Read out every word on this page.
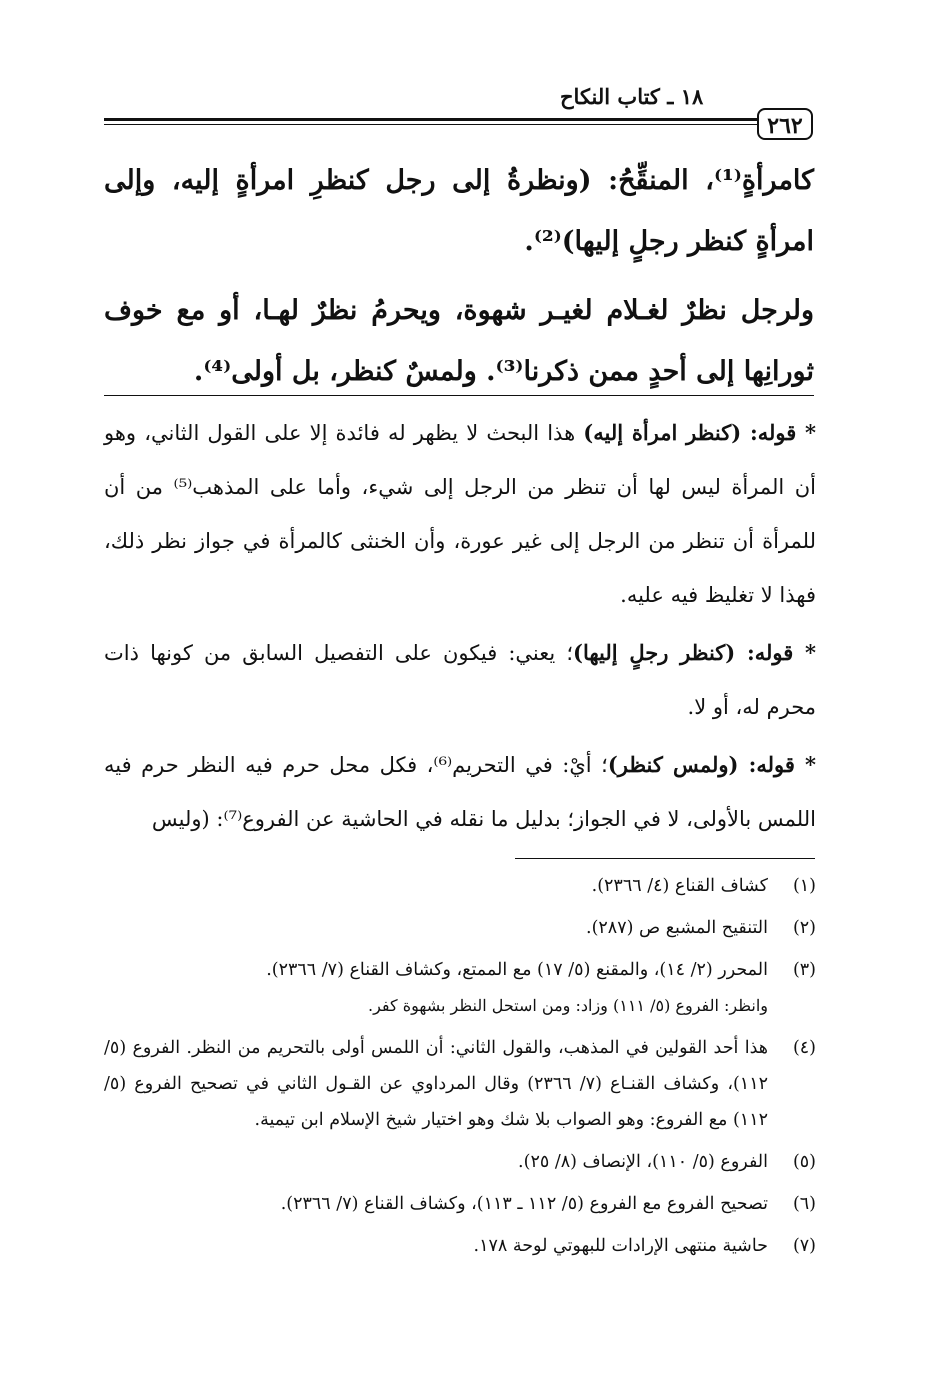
١٨ ـ كتاب النكاح
٢٦٢

كامرأةٍ⁽¹⁾، المنقِّحُ: (ونظرةُ إلى رجل كنظرِ امرأةٍ إليه، وإلى امرأةٍ كنظر رجلٍ إليها)⁽²⁾.

ولرجل نظرٌ لغـلام لغيـر شهوة، ويحرمُ نظرٌ لهـا، أو مع خوف ثورانِها إلى أحدٍ ممن ذكرنا⁽³⁾. ولمسٌ كنظر، بل أولى⁽⁴⁾.

* قوله: (كنظر امرأة إليه) هذا البحث لا يظهر له فائدة إلا على القول الثاني، وهو أن المرأة ليس لها أن تنظر من الرجل إلى شيء، وأما على المذهب⁽⁵⁾ من أن للمرأة أن تنظر من الرجل إلى غير عورة، وأن الخنثى كالمرأة في جواز نظر ذلك، فهذا لا تغليظ فيه عليه.

* قوله: (كنظر رجلٍ إليها)؛ يعني: فيكون على التفصيل السابق من كونها ذات محرم له، أو لا.

* قوله: (ولمس كنظر)؛ أيْ: في التحريم⁽⁶⁾، فكل محل حرم فيه النظر حرم فيه اللمس بالأولى، لا في الجواز؛ بدليل ما نقله في الحاشية عن الفروع⁽⁷⁾: (وليس

(١)
كشاف القناع (٤/ ٢٣٦٦).
(٢)
التنقيح المشبع ص (٢٨٧).
(٣)
المحرر (٢/ ١٤)، والمقنع (٥/ ١٧) مع الممتع، وكشاف القناع (٧/ ٢٣٦٦).
وانظر: الفروع (٥/ ١١١) وزاد: ومن استحل النظر بشهوة كفر.
(٤)
هذا أحد القولين في المذهب، والقول الثاني: أن اللمس أولى بالتحريم من النظر. الفروع (٥/ ١١٢)، وكشاف القنـاع (٧/ ٢٣٦٦) وقال المرداوي عن القـول الثاني في تصحيح الفروع (٥/ ١١٢) مع الفروع: وهو الصواب بلا شك وهو اختيار شيخ الإسلام ابن تيمية.
(٥)
الفروع (٥/ ١١٠)، الإنصاف (٨/ ٢٥).
(٦)
تصحيح الفروع مع الفروع (٥/ ١١٢ ـ ١١٣)، وكشاف القناع (٧/ ٢٣٦٦).
(٧)
حاشية منتهى الإرادات للبهوتي لوحة ١٧٨.
